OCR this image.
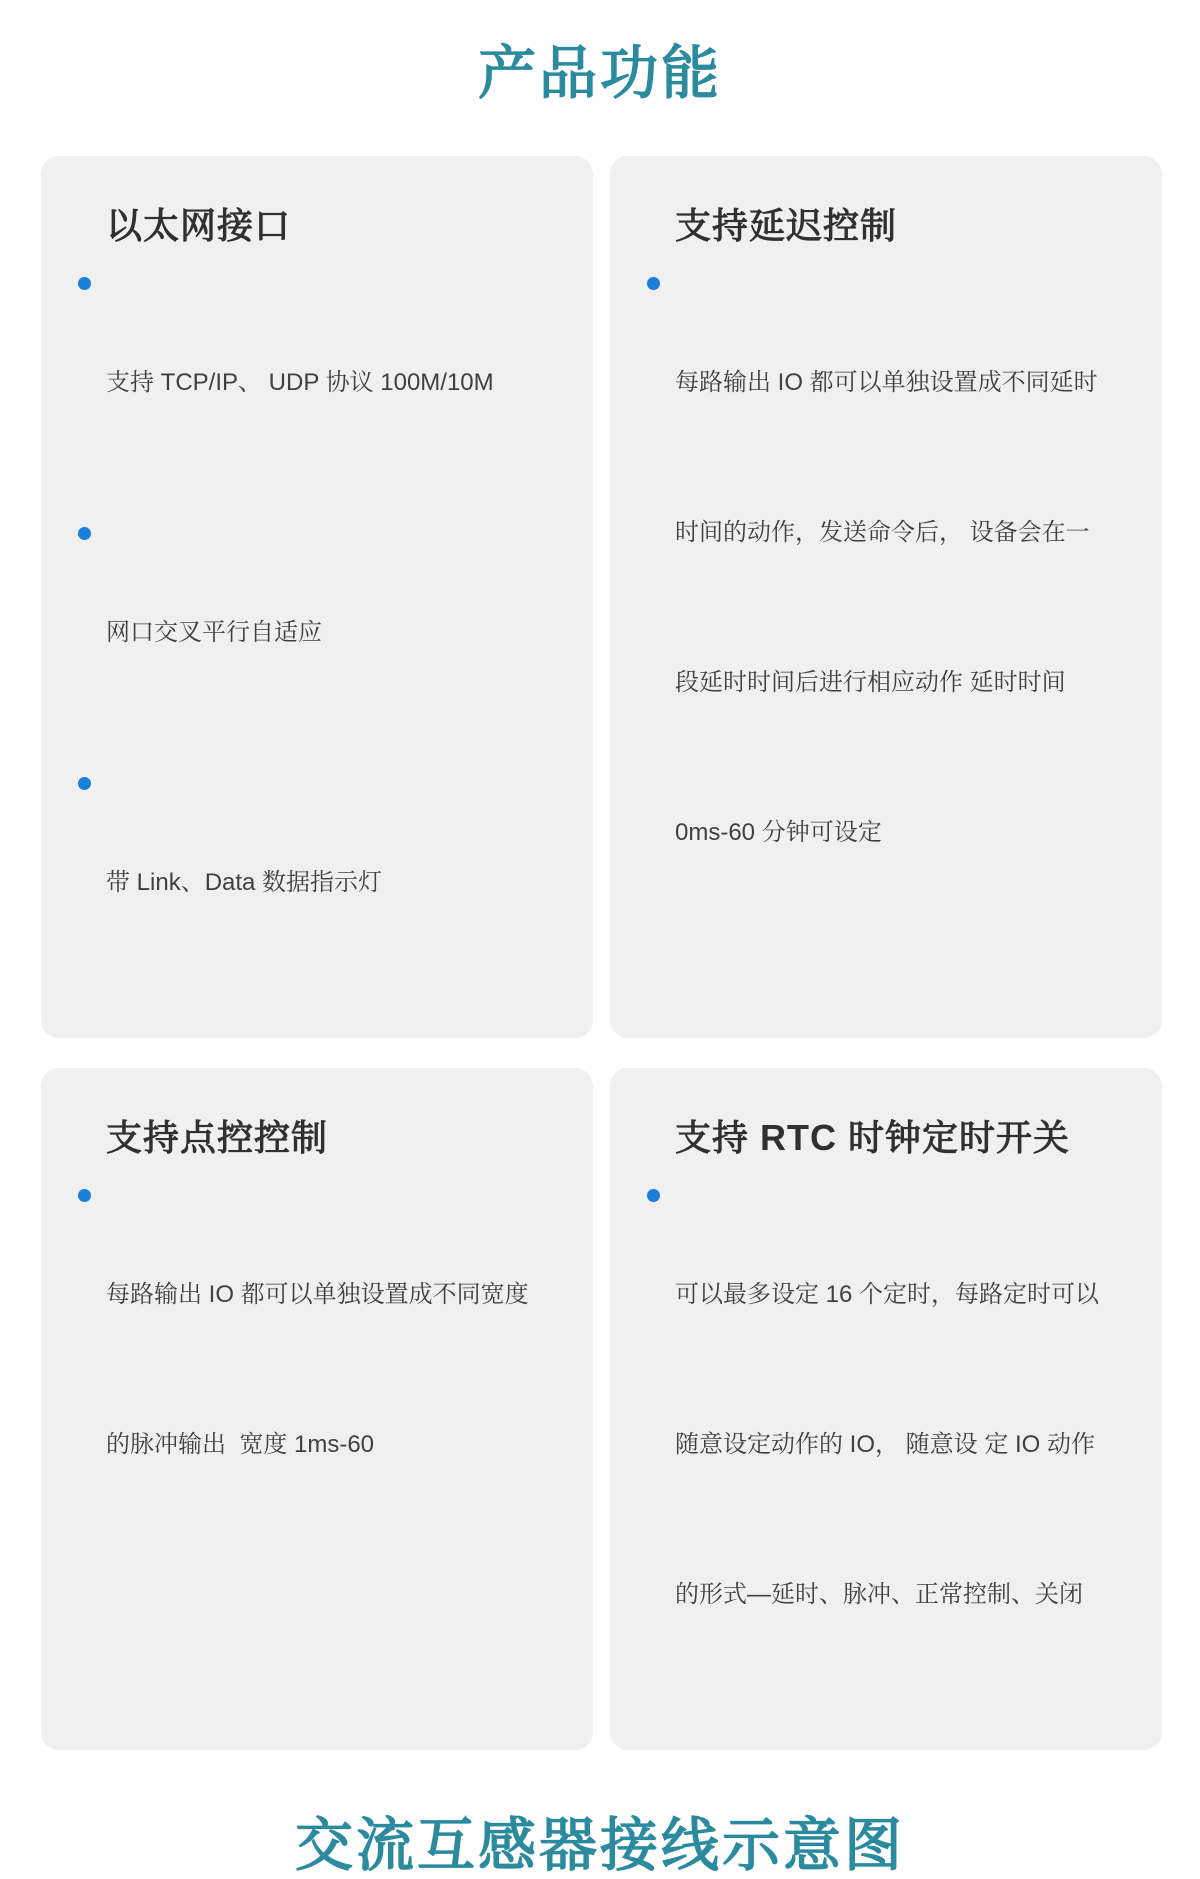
产品功能
以太网接口

支持 TCP/IP、 UDP 协议 100M/10M

网口交叉平行自适应

带 Link、Data 数据指示灯

支持延迟控制

每路输出 IO 都可以单独设置成不同延时

时间的动作，发送命令后， 设备会在一

段延时时间后进行相应动作 延时时间

0ms-60 分钟可设定

支持点控控制

每路输出 IO 都可以单独设置成不同宽度

的脉冲输出  宽度 1ms-60

支持 RTC 时钟定时开关

可以最多设定 16 个定时，每路定时可以

随意设定动作的 IO， 随意设 定 IO 动作

的形式—延时、脉冲、正常控制、关闭

交流互感器接线示意图
